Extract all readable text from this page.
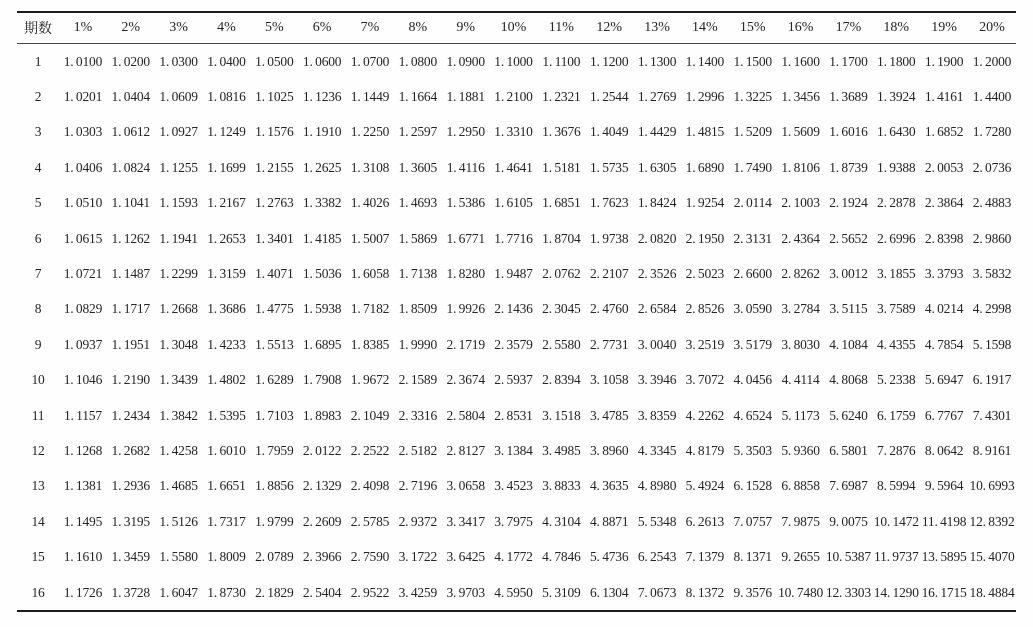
期数	1%	2%	3%	4%	5%	6%	7%	8%	9%	10%	11%	12%	13%	14%	15%	16%	17%	18%	19%	20%
1	1. 0100	1. 0200	1. 0300	1. 0400	1. 0500	1. 0600	1. 0700	1. 0800	1. 0900	1. 1000	1. 1100	1. 1200	1. 1300	1. 1400	1. 1500	1. 1600	1. 1700	1. 1800	1. 1900	1. 2000
2	1. 0201	1. 0404	1. 0609	1. 0816	1. 1025	1. 1236	1. 1449	1. 1664	1. 1881	1. 2100	1. 2321	1. 2544	1. 2769	1. 2996	1. 3225	1. 3456	1. 3689	1. 3924	1. 4161	1. 4400
3	1. 0303	1. 0612	1. 0927	1. 1249	1. 1576	1. 1910	1. 2250	1. 2597	1. 2950	1. 3310	1. 3676	1. 4049	1. 4429	1. 4815	1. 5209	1. 5609	1. 6016	1. 6430	1. 6852	1. 7280
4	1. 0406	1. 0824	1. 1255	1. 1699	1. 2155	1. 2625	1. 3108	1. 3605	1. 4116	1. 4641	1. 5181	1. 5735	1. 6305	1. 6890	1. 7490	1. 8106	1. 8739	1. 9388	2. 0053	2. 0736
5	1. 0510	1. 1041	1. 1593	1. 2167	1. 2763	1. 3382	1. 4026	1. 4693	1. 5386	1. 6105	1. 6851	1. 7623	1. 8424	1. 9254	2. 0114	2. 1003	2. 1924	2. 2878	2. 3864	2. 4883
6	1. 0615	1. 1262	1. 1941	1. 2653	1. 3401	1. 4185	1. 5007	1. 5869	1. 6771	1. 7716	1. 8704	1. 9738	2. 0820	2. 1950	2. 3131	2. 4364	2. 5652	2. 6996	2. 8398	2. 9860
7	1. 0721	1. 1487	1. 2299	1. 3159	1. 4071	1. 5036	1. 6058	1. 7138	1. 8280	1. 9487	2. 0762	2. 2107	2. 3526	2. 5023	2. 6600	2. 8262	3. 0012	3. 1855	3. 3793	3. 5832
8	1. 0829	1. 1717	1. 2668	1. 3686	1. 4775	1. 5938	1. 7182	1. 8509	1. 9926	2. 1436	2. 3045	2. 4760	2. 6584	2. 8526	3. 0590	3. 2784	3. 5115	3. 7589	4. 0214	4. 2998
9	1. 0937	1. 1951	1. 3048	1. 4233	1. 5513	1. 6895	1. 8385	1. 9990	2. 1719	2. 3579	2. 5580	2. 7731	3. 0040	3. 2519	3. 5179	3. 8030	4. 1084	4. 4355	4. 7854	5. 1598
10	1. 1046	1. 2190	1. 3439	1. 4802	1. 6289	1. 7908	1. 9672	2. 1589	2. 3674	2. 5937	2. 8394	3. 1058	3. 3946	3. 7072	4. 0456	4. 4114	4. 8068	5. 2338	5. 6947	6. 1917
11	1. 1157	1. 2434	1. 3842	1. 5395	1. 7103	1. 8983	2. 1049	2. 3316	2. 5804	2. 8531	3. 1518	3. 4785	3. 8359	4. 2262	4. 6524	5. 1173	5. 6240	6. 1759	6. 7767	7. 4301
12	1. 1268	1. 2682	1. 4258	1. 6010	1. 7959	2. 0122	2. 2522	2. 5182	2. 8127	3. 1384	3. 4985	3. 8960	4. 3345	4. 8179	5. 3503	5. 9360	6. 5801	7. 2876	8. 0642	8. 9161
13	1. 1381	1. 2936	1. 4685	1. 6651	1. 8856	2. 1329	2. 4098	2. 7196	3. 0658	3. 4523	3. 8833	4. 3635	4. 8980	5. 4924	6. 1528	6. 8858	7. 6987	8. 5994	9. 5964	10. 6993
14	1. 1495	1. 3195	1. 5126	1. 7317	1. 9799	2. 2609	2. 5785	2. 9372	3. 3417	3. 7975	4. 3104	4. 8871	5. 5348	6. 2613	7. 0757	7. 9875	9. 0075	10. 1472	11. 4198	12. 8392
15	1. 1610	1. 3459	1. 5580	1. 8009	2. 0789	2. 3966	2. 7590	3. 1722	3. 6425	4. 1772	4. 7846	5. 4736	6. 2543	7. 1379	8. 1371	9. 2655	10. 5387	11. 9737	13. 5895	15. 4070
16	1. 1726	1. 3728	1. 6047	1. 8730	2. 1829	2. 5404	2. 9522	3. 4259	3. 9703	4. 5950	5. 3109	6. 1304	7. 0673	8. 1372	9. 3576	10. 7480	12. 3303	14. 1290	16. 1715	18. 4884
